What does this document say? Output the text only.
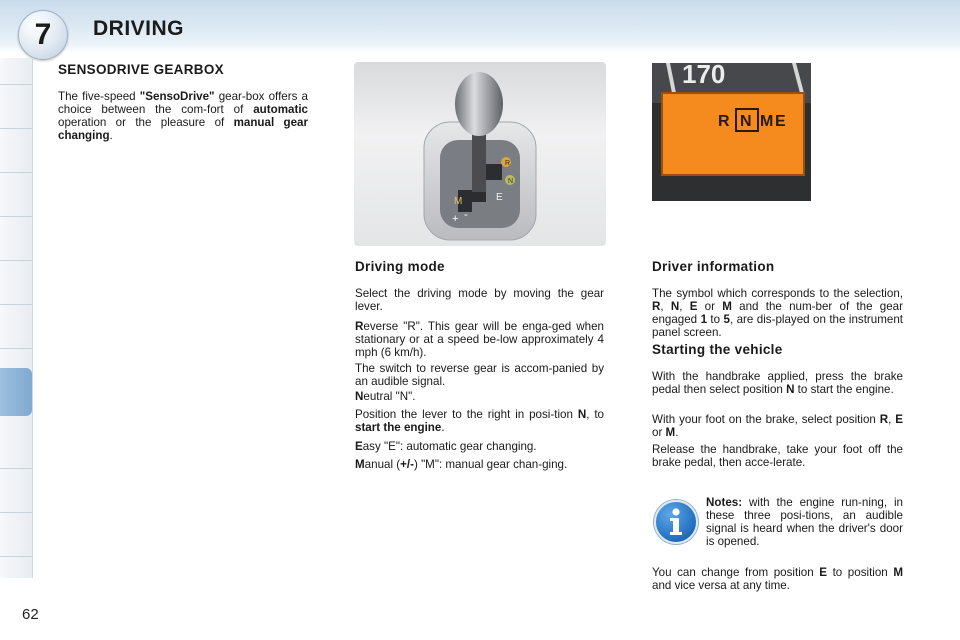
7	DRIVING
SENSODRIVE GEARBOX

The five-speed "SensoDrive" gear-box offers a choice between the com-fort of automatic operation or the pleasure of manual gear changing.

M	E
R
N
+ -
170
R N M E
Driving mode

Select the driving mode by moving the gear lever.

Reverse "R". This gear will be enga-ged when stationary or at a speed be-low approximately 4 mph (6 km/h).

The switch to reverse gear is accom-panied by an audible signal.

Neutral "N".

Position the lever to the right in posi-tion N, to start the engine.

Easy "E": automatic gear changing.

Manual (+/-) "M": manual gear chan-ging.

Driver information

The symbol which corresponds to the selection, R, N, E or M and the num-ber of the gear engaged 1 to 5, are dis-played on the instrument panel screen.

Starting the vehicle

With the handbrake applied, press the brake pedal then select position N to start the engine.

With your foot on the brake, select position R, E or M.

Release the handbrake, take your foot off the brake pedal, then acce-lerate.

Notes: with the engine run-ning, in these three posi-tions, an audible signal is heard when the driver's door is opened.

You can change from position E to position M and vice versa at any time.

62
